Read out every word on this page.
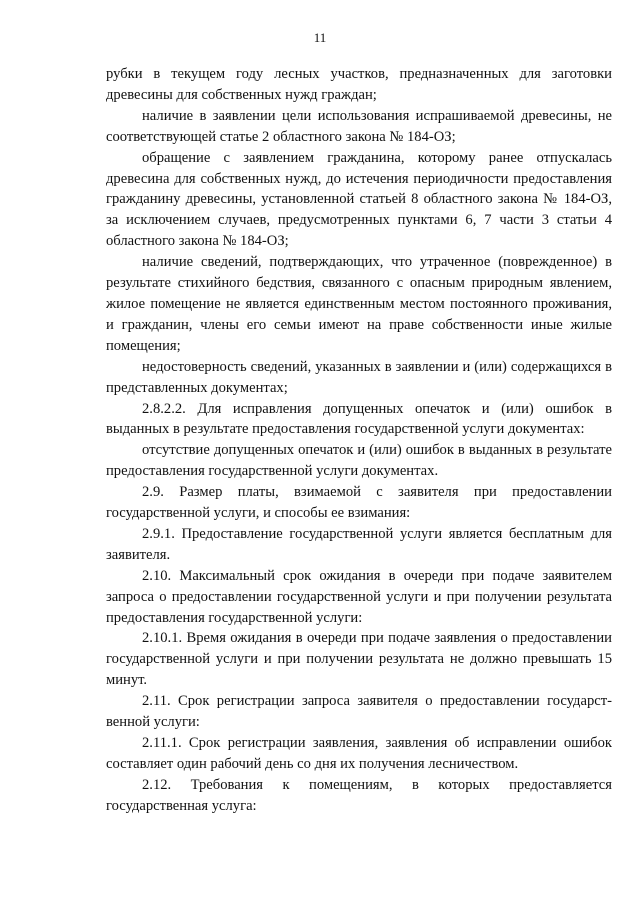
11

рубки в текущем году лесных участков, предназначенных для заготовки древесины для собственных нужд граждан;

наличие в заявлении цели использования испрашиваемой древесины, не соответствующей статье 2 областного закона № 184-ОЗ;

обращение с заявлением гражданина, которому ранее отпускалась древесина для собственных нужд, до истечения периодичности предоставления гражданину древесины, установленной статьей 8 областного закона № 184-ОЗ, за исключением случаев, предусмотренных пунктами 6, 7 части 3 статьи 4 областного закона № 184-ОЗ;

наличие сведений, подтверждающих, что утраченное (поврежденное) в результате стихийного бедствия, связанного с опасным природным явлением, жилое помещение не является единственным местом постоянного проживания, и гражданин, члены его семьи имеют на праве собственности иные жилые помещения;

недостоверность сведений, указанных в заявлении и (или) содержащихся в представленных документах;

2.8.2.2. Для исправления допущенных опечаток и (или) ошибок в выданных в результате предоставления государственной услуги документах:

отсутствие допущенных опечаток и (или) ошибок в выданных в результате предоставления государственной услуги документах.

2.9. Размер платы, взимаемой с заявителя при предоставлении государственной услуги, и способы ее взимания:

2.9.1. Предоставление государственной услуги является бесплатным для заявителя.

2.10. Максимальный срок ожидания в очереди при подаче заявителем запроса о предоставлении государственной услуги и при получении результата предоставления государственной услуги:

2.10.1. Время ожидания в очереди при подаче заявления о предоставлении государственной услуги и при получении результата не должно превышать 15 минут.

2.11. Срок регистрации запроса заявителя о предоставлении государственной услуги:

2.11.1. Срок регистрации заявления, заявления об исправлении ошибок составляет один рабочий день со дня их получения лесничеством.

2.12. Требования к помещениям, в которых предоставляется государственная услуга:
